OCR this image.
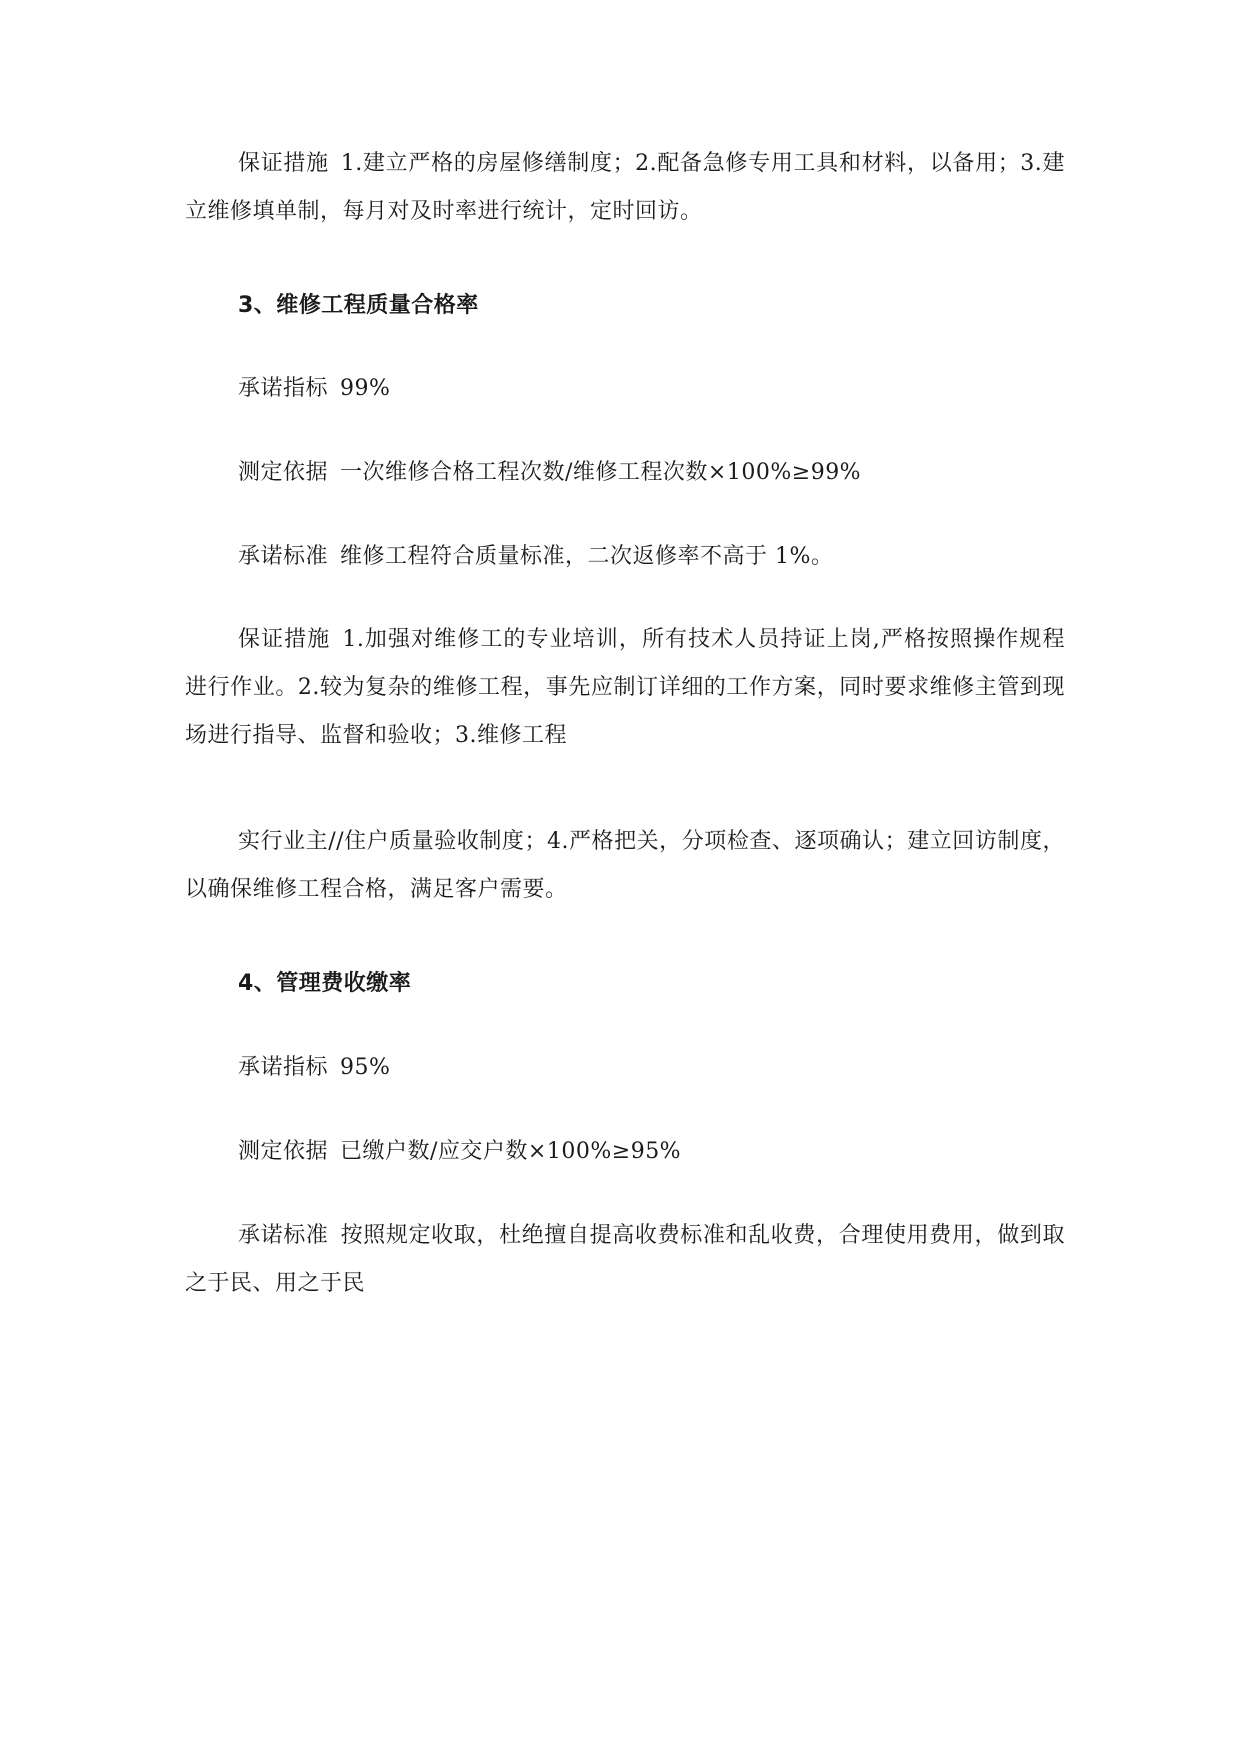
保证措施 1.建立严格的房屋修缮制度；2.配备急修专用工具和材料，以备用；3.建立维修填单制，每月对及时率进行统计，定时回访。

3、维修工程质量合格率

承诺指标 99%

测定依据 一次维修合格工程次数/维修工程次数×100%≥99%

承诺标准 维修工程符合质量标准，二次返修率不高于 1%。

保证措施 1.加强对维修工的专业培训，所有技术人员持证上岗,严格按照操作规程进行作业。2.较为复杂的维修工程，事先应制订详细的工作方案，同时要求维修主管到现场进行指导、监督和验收；3.维修工程

实行业主//住户质量验收制度；4.严格把关，分项检查、逐项确认；建立回访制度，以确保维修工程合格，满足客户需要。

4、管理费收缴率

承诺指标 95%

测定依据 已缴户数/应交户数×100%≥95%

承诺标准 按照规定收取，杜绝擅自提高收费标准和乱收费，合理使用费用，做到取之于民、用之于民
